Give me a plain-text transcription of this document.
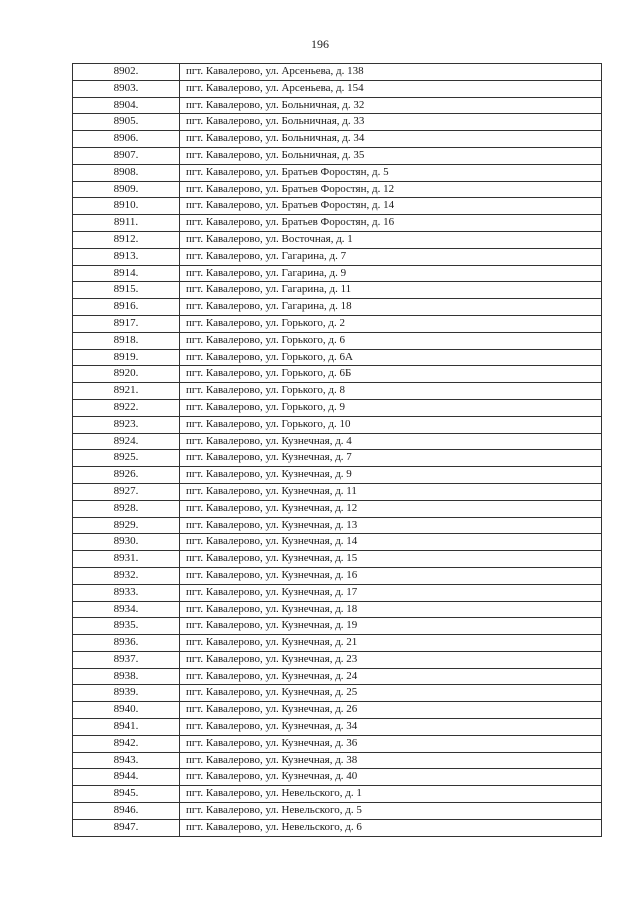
196
8902.	пгт. Кавалерово, ул. Арсеньева, д. 138
8903.	пгт. Кавалерово, ул. Арсеньева, д. 154
8904.	пгт. Кавалерово, ул. Больничная, д. 32
8905.	пгт. Кавалерово, ул. Больничная, д. 33
8906.	пгт. Кавалерово, ул. Больничная, д. 34
8907.	пгт. Кавалерово, ул. Больничная, д. 35
8908.	пгт. Кавалерово, ул. Братьев Форостян, д. 5
8909.	пгт. Кавалерово, ул. Братьев Форостян, д. 12
8910.	пгт. Кавалерово, ул. Братьев Форостян, д. 14
8911.	пгт. Кавалерово, ул. Братьев Форостян, д. 16
8912.	пгт. Кавалерово, ул. Восточная, д. 1
8913.	пгт. Кавалерово, ул. Гагарина, д. 7
8914.	пгт. Кавалерово, ул. Гагарина, д. 9
8915.	пгт. Кавалерово, ул. Гагарина, д. 11
8916.	пгт. Кавалерово, ул. Гагарина, д. 18
8917.	пгт. Кавалерово, ул. Горького, д. 2
8918.	пгт. Кавалерово, ул. Горького, д. 6
8919.	пгт. Кавалерово, ул. Горького, д. 6А
8920.	пгт. Кавалерово, ул. Горького, д. 6Б
8921.	пгт. Кавалерово, ул. Горького, д. 8
8922.	пгт. Кавалерово, ул. Горького, д. 9
8923.	пгт. Кавалерово, ул. Горького, д. 10
8924.	пгт. Кавалерово, ул. Кузнечная, д. 4
8925.	пгт. Кавалерово, ул. Кузнечная, д. 7
8926.	пгт. Кавалерово, ул. Кузнечная, д. 9
8927.	пгт. Кавалерово, ул. Кузнечная, д. 11
8928.	пгт. Кавалерово, ул. Кузнечная, д. 12
8929.	пгт. Кавалерово, ул. Кузнечная, д. 13
8930.	пгт. Кавалерово, ул. Кузнечная, д. 14
8931.	пгт. Кавалерово, ул. Кузнечная, д. 15
8932.	пгт. Кавалерово, ул. Кузнечная, д. 16
8933.	пгт. Кавалерово, ул. Кузнечная, д. 17
8934.	пгт. Кавалерово, ул. Кузнечная, д. 18
8935.	пгт. Кавалерово, ул. Кузнечная, д. 19
8936.	пгт. Кавалерово, ул. Кузнечная, д. 21
8937.	пгт. Кавалерово, ул. Кузнечная, д. 23
8938.	пгт. Кавалерово, ул. Кузнечная, д. 24
8939.	пгт. Кавалерово, ул. Кузнечная, д. 25
8940.	пгт. Кавалерово, ул. Кузнечная, д. 26
8941.	пгт. Кавалерово, ул. Кузнечная, д. 34
8942.	пгт. Кавалерово, ул. Кузнечная, д. 36
8943.	пгт. Кавалерово, ул. Кузнечная, д. 38
8944.	пгт. Кавалерово, ул. Кузнечная, д. 40
8945.	пгт. Кавалерово, ул. Невельского, д. 1
8946.	пгт. Кавалерово, ул. Невельского, д. 5
8947.	пгт. Кавалерово, ул. Невельского, д. 6
